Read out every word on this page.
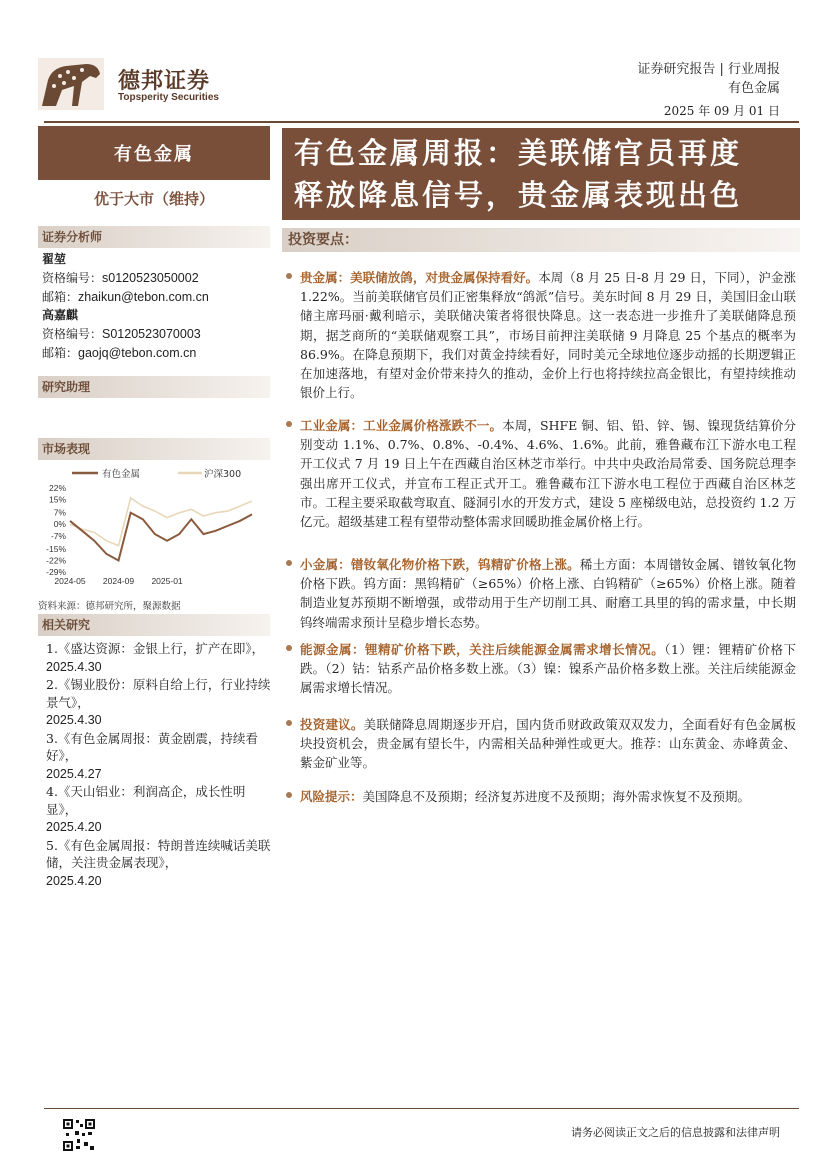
德邦证券
Topsperity Securities
证券研究报告 | 行业周报
有色金属
2025 年 09 月 01 日
有色金属
优于大市（维持）
证券分析师
翟堃
资格编号：s0120523050002
邮箱：zhaikun@tebon.com.cn
高嘉麒
资格编号：S0120523070003
邮箱：gaojq@tebon.com.cn
研究助理
市场表现
有色金属	沪深300
22%
15%
7%
0%
-7%
-15%
-22%
-29%
2024-05 2024-09 2025-01
资料来源：德邦研究所，聚源数据
相关研究
1.《盛达资源：金银上行，扩产在即》，
2025.4.30
2.《锡业股份：原料自给上行，行业持续景气》，
2025.4.30
3.《有色金属周报：黄金剧震，持续看好》，
2025.4.27
4.《天山铝业：利润高企，成长性明显》，
2025.4.20
5.《有色金属周报：特朗普连续喊话美联储，关注贵金属表现》，
2025.4.20
有色金属周报：美联储官员再度
释放降息信号，贵金属表现出色
投资要点：
贵金属：美联储放鸽，对贵金属保持看好。本周（8 月 25 日-8 月 29 日，下同），沪金涨 1.22%。当前美联储官员们正密集释放“鸽派”信号。美东时间 8 月 29 日，美国旧金山联储主席玛丽·戴利暗示，美联储决策者将很快降息。这一表态进一步推升了美联储降息预期，据芝商所的“美联储观察工具”，市场目前押注美联储 9 月降息 25 个基点的概率为 86.9%。在降息预期下，我们对黄金持续看好，同时美元全球地位逐步动摇的长期逻辑正在加速落地，有望对金价带来持久的推动，金价上行也将持续拉高金银比，有望持续推动银价上行。
工业金属：工业金属价格涨跌不一。本周，SHFE 铜、铝、铅、锌、锡、镍现货结算价分别变动 1.1%、0.7%、0.8%、-0.4%、4.6%、1.6%。此前，雅鲁藏布江下游水电工程开工仪式 7 月 19 日上午在西藏自治区林芝市举行。中共中央政治局常委、国务院总理李强出席开工仪式，并宣布工程正式开工。雅鲁藏布江下游水电工程位于西藏自治区林芝市。工程主要采取截弯取直、隧洞引水的开发方式，建设 5 座梯级电站，总投资约 1.2 万亿元。超级基建工程有望带动整体需求回暖助推金属价格上行。
小金属：镨钕氧化物价格下跌，钨精矿价格上涨。稀土方面：本周镨钕金属、镨钕氧化物价格下跌。钨方面：黑钨精矿（≥65%）价格上涨、白钨精矿（≥65%）价格上涨。随着制造业复苏预期不断增强，或带动用于生产切削工具、耐磨工具里的钨的需求量，中长期钨终端需求预计呈稳步增长态势。
能源金属：锂精矿价格下跌，关注后续能源金属需求增长情况。（1）锂：锂精矿价格下跌。（2）钴：钴系产品价格多数上涨。（3）镍：镍系产品价格多数上涨。关注后续能源金属需求增长情况。
投资建议。美联储降息周期逐步开启，国内货币财政政策双双发力，全面看好有色金属板块投资机会，贵金属有望长牛，内需相关品种弹性或更大。推荐：山东黄金、赤峰黄金、紫金矿业等。
风险提示：美国降息不及预期；经济复苏进度不及预期；海外需求恢复不及预期。
请务必阅读正文之后的信息披露和法律声明
